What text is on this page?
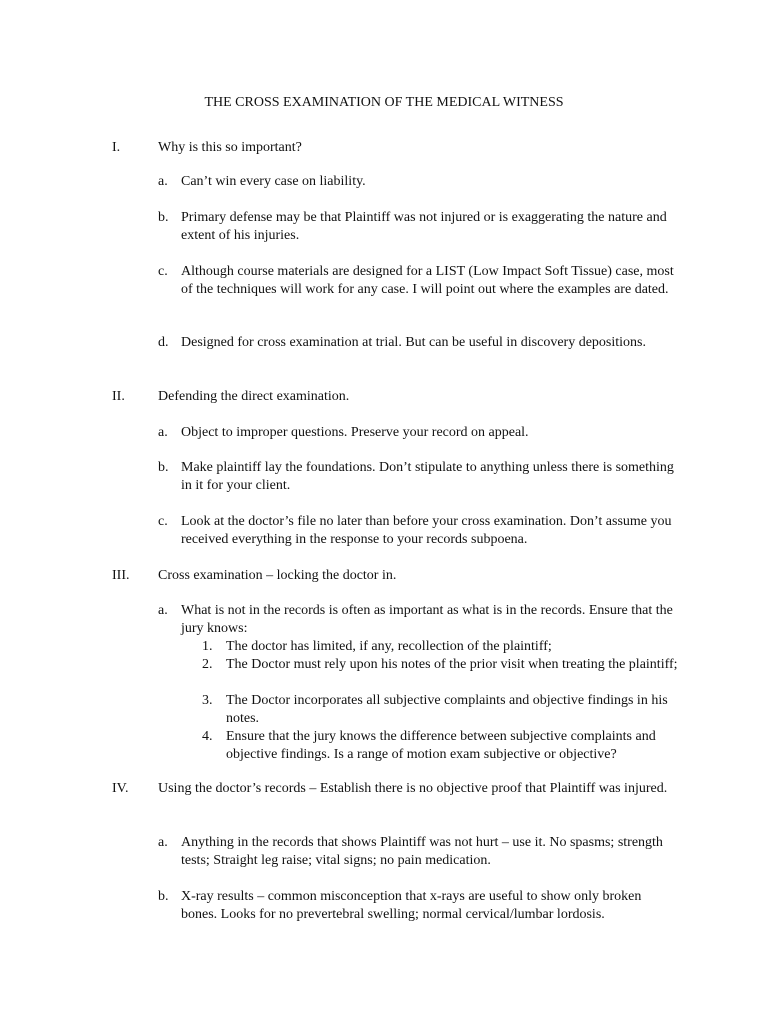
THE CROSS EXAMINATION OF THE MEDICAL WITNESS
I.	Why is this so important?
a. Can’t win every case on liability.
b. Primary defense may be that Plaintiff was not injured or is exaggerating the nature and extent of his injuries.
c. Although course materials are designed for a LIST (Low Impact Soft Tissue) case, most of the techniques will work for any case. I will point out where the examples are dated.
d. Designed for cross examination at trial. But can be useful in discovery depositions.
II.	Defending the direct examination.
a. Object to improper questions. Preserve your record on appeal.
b. Make plaintiff lay the foundations. Don’t stipulate to anything unless there is something in it for your client.
c. Look at the doctor’s file no later than before your cross examination. Don’t assume you received everything in the response to your records subpoena.
III.	Cross examination – locking the doctor in.
a. What is not in the records is often as important as what is in the records. Ensure that the jury knows:
1. The doctor has limited, if any, recollection of the plaintiff;
2. The Doctor must rely upon his notes of the prior visit when treating the plaintiff;
3. The Doctor incorporates all subjective complaints and objective findings in his notes.
4. Ensure that the jury knows the difference between subjective complaints and objective findings. Is a range of motion exam subjective or objective?
IV.	Using the doctor’s records – Establish there is no objective proof that Plaintiff was injured.
a. Anything in the records that shows Plaintiff was not hurt – use it. No spasms; strength tests; Straight leg raise; vital signs; no pain medication.
b. X-ray results – common misconception that x-rays are useful to show only broken bones. Looks for no prevertebral swelling; normal cervical/lumbar lordosis.
